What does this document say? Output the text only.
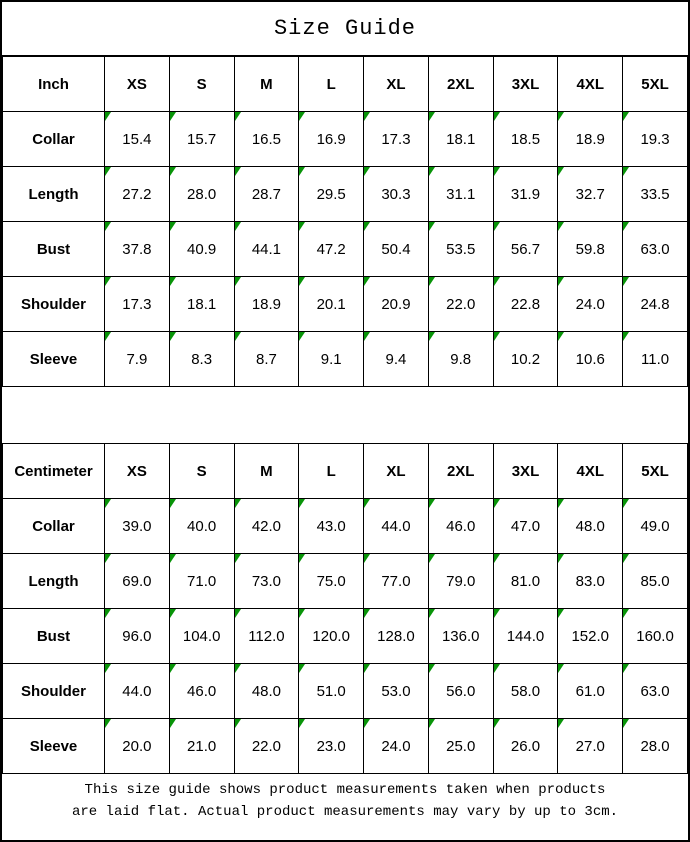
Size Guide
Inch	XS	S	M	L	XL	2XL	3XL	4XL	5XL
Collar	15.4	15.7	16.5	16.9	17.3	18.1	18.5	18.9	19.3

Length	27.2	28.0	28.7	29.5	30.3	31.1	31.9	32.7	33.5

Bust	37.8	40.9	44.1	47.2	50.4	53.5	56.7	59.8	63.0

Shoulder	17.3	18.1	18.9	20.1	20.9	22.0	22.8	24.0	24.8

Sleeve	7.9	8.3	8.7	9.1	9.4	9.8	10.2	10.6	11.0
Centimeter	XS	S	M	L	XL	2XL	3XL	4XL	5XL
Collar	39.0	40.0	42.0	43.0	44.0	46.0	47.0	48.0	49.0

Length	69.0	71.0	73.0	75.0	77.0	79.0	81.0	83.0	85.0

Bust	96.0	104.0	112.0	120.0	128.0	136.0	144.0	152.0	160.0

Shoulder	44.0	46.0	48.0	51.0	53.0	56.0	58.0	61.0	63.0

Sleeve	20.0	21.0	22.0	23.0	24.0	25.0	26.0	27.0	28.0
This size guide shows product measurements taken when products
are laid flat. Actual product measurements may vary by up to 3cm.
